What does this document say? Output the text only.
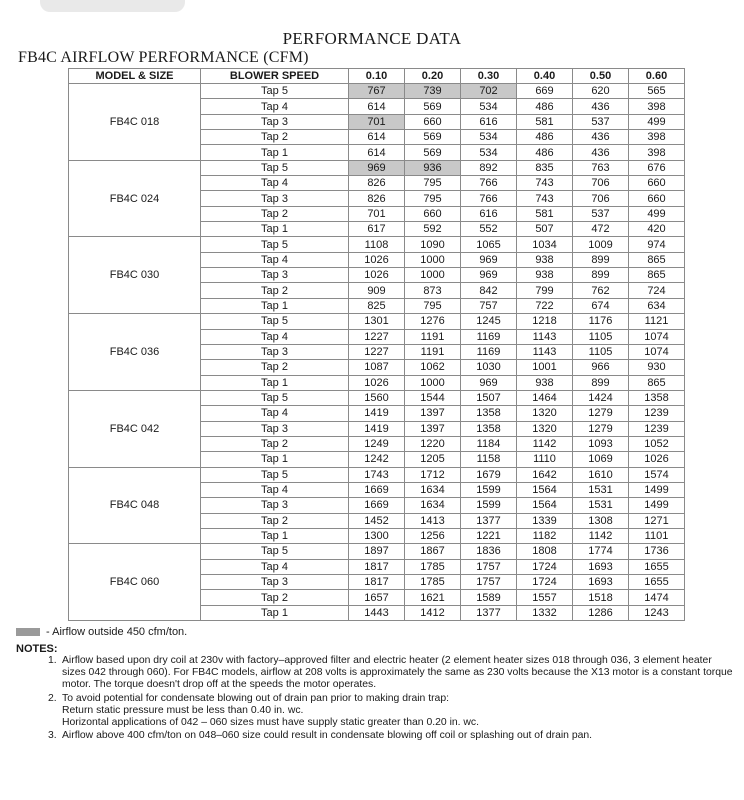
PERFORMANCE DATA
FB4C AIRFLOW PERFORMANCE (CFM)
MODEL & SIZE	BLOWER SPEED	0.10	0.20	0.30	0.40	0.50	0.60
	Tap 5	767	739	702	669	620	565
	Tap 4	614	569	534	486	436	398
FB4C 018	Tap 3	701	660	616	581	537	499
	Tap 2	614	569	534	486	436	398
	Tap 1	614	569	534	486	436	398
	Tap 5	969	936	892	835	763	676
	Tap 4	826	795	766	743	706	660
FB4C 024	Tap 3	826	795	766	743	706	660
	Tap 2	701	660	616	581	537	499
	Tap 1	617	592	552	507	472	420
	Tap 5	1108	1090	1065	1034	1009	974
	Tap 4	1026	1000	969	938	899	865
FB4C 030	Tap 3	1026	1000	969	938	899	865
	Tap 2	909	873	842	799	762	724
	Tap 1	825	795	757	722	674	634
	Tap 5	1301	1276	1245	1218	1176	1121
	Tap 4	1227	1191	1169	1143	1105	1074
FB4C 036	Tap 3	1227	1191	1169	1143	1105	1074
	Tap 2	1087	1062	1030	1001	966	930
	Tap 1	1026	1000	969	938	899	865
	Tap 5	1560	1544	1507	1464	1424	1358
	Tap 4	1419	1397	1358	1320	1279	1239
FB4C 042	Tap 3	1419	1397	1358	1320	1279	1239
	Tap 2	1249	1220	1184	1142	1093	1052
	Tap 1	1242	1205	1158	1110	1069	1026
	Tap 5	1743	1712	1679	1642	1610	1574
	Tap 4	1669	1634	1599	1564	1531	1499
FB4C 048	Tap 3	1669	1634	1599	1564	1531	1499
	Tap 2	1452	1413	1377	1339	1308	1271
	Tap 1	1300	1256	1221	1182	1142	1101
	Tap 5	1897	1867	1836	1808	1774	1736
	Tap 4	1817	1785	1757	1724	1693	1655
FB4C 060	Tap 3	1817	1785	1757	1724	1693	1655
	Tap 2	1657	1621	1589	1557	1518	1474
	Tap 1	1443	1412	1377	1332	1286	1243
- Airflow outside 450 cfm/ton.
NOTES:
1. Airflow based upon dry coil at 230v with factory–approved filter and electric heater (2 element heater sizes 018 through 036, 3 element heater sizes 042 through 060). For FB4C models, airflow at 208 volts is approximately the same as 230 volts because the X13 motor is a constant torque motor. The torque doesn't drop off at the speeds the motor operates.
2. To avoid potential for condensate blowing out of drain pan prior to making drain trap:
Return static pressure must be less than 0.40 in. wc.
Horizontal applications of 042 – 060 sizes must have supply static greater than 0.20 in. wc.
3. Airflow above 400 cfm/ton on 048–060 size could result in condensate blowing off coil or splashing out of drain pan.
